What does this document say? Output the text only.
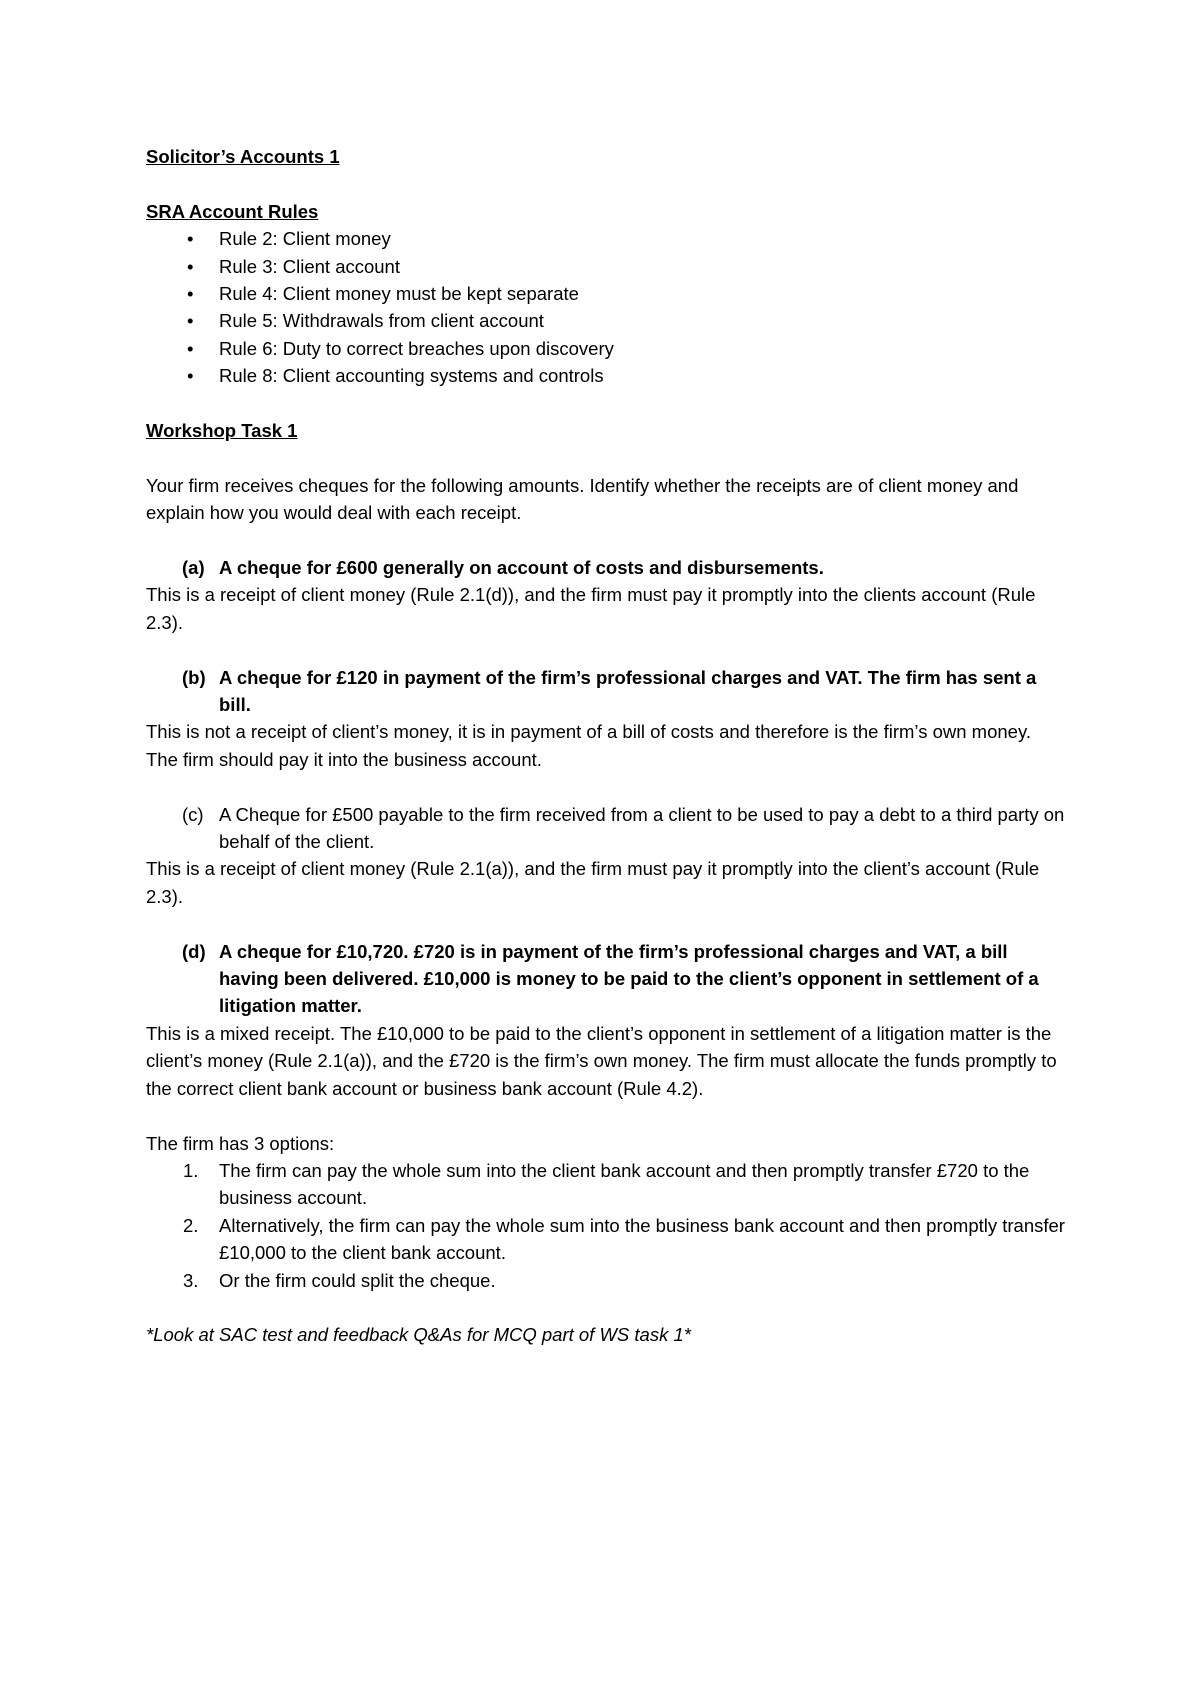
Solicitor’s Accounts 1

SRA Account Rules

• Rule 2: Client money
• Rule 3: Client account
• Rule 4: Client money must be kept separate
• Rule 5: Withdrawals from client account
• Rule 6: Duty to correct breaches upon discovery
• Rule 8: Client accounting systems and controls

Workshop Task 1

Your firm receives cheques for the following amounts. Identify whether the receipts are of client money and explain how you would deal with each receipt.

(a) A cheque for £600 generally on account of costs and disbursements.

This is a receipt of client money (Rule 2.1(d)), and the firm must pay it promptly into the clients account (Rule 2.3).

(b) A cheque for £120 in payment of the firm’s professional charges and VAT. The firm has sent a bill.

This is not a receipt of client’s money, it is in payment of a bill of costs and therefore is the firm’s own money. The firm should pay it into the business account.

(c) A Cheque for £500 payable to the firm received from a client to be used to pay a debt to a third party on behalf of the client.

This is a receipt of client money (Rule 2.1(a)), and the firm must pay it promptly into the client’s account (Rule 2.3).

(d) A cheque for £10,720. £720 is in payment of the firm’s professional charges and VAT, a bill having been delivered. £10,000 is money to be paid to the client’s opponent in settlement of a litigation matter.

This is a mixed receipt. The £10,000 to be paid to the client’s opponent in settlement of a litigation matter is the client’s money (Rule 2.1(a)), and the £720 is the firm’s own money. The firm must allocate the funds promptly to the correct client bank account or business bank account (Rule 4.2).

The firm has 3 options:

1. The firm can pay the whole sum into the client bank account and then promptly transfer £720 to the business account.
2. Alternatively, the firm can pay the whole sum into the business bank account and then promptly transfer £10,000 to the client bank account.
3. Or the firm could split the cheque.

*Look at SAC test and feedback Q&As for MCQ part of WS task 1*
